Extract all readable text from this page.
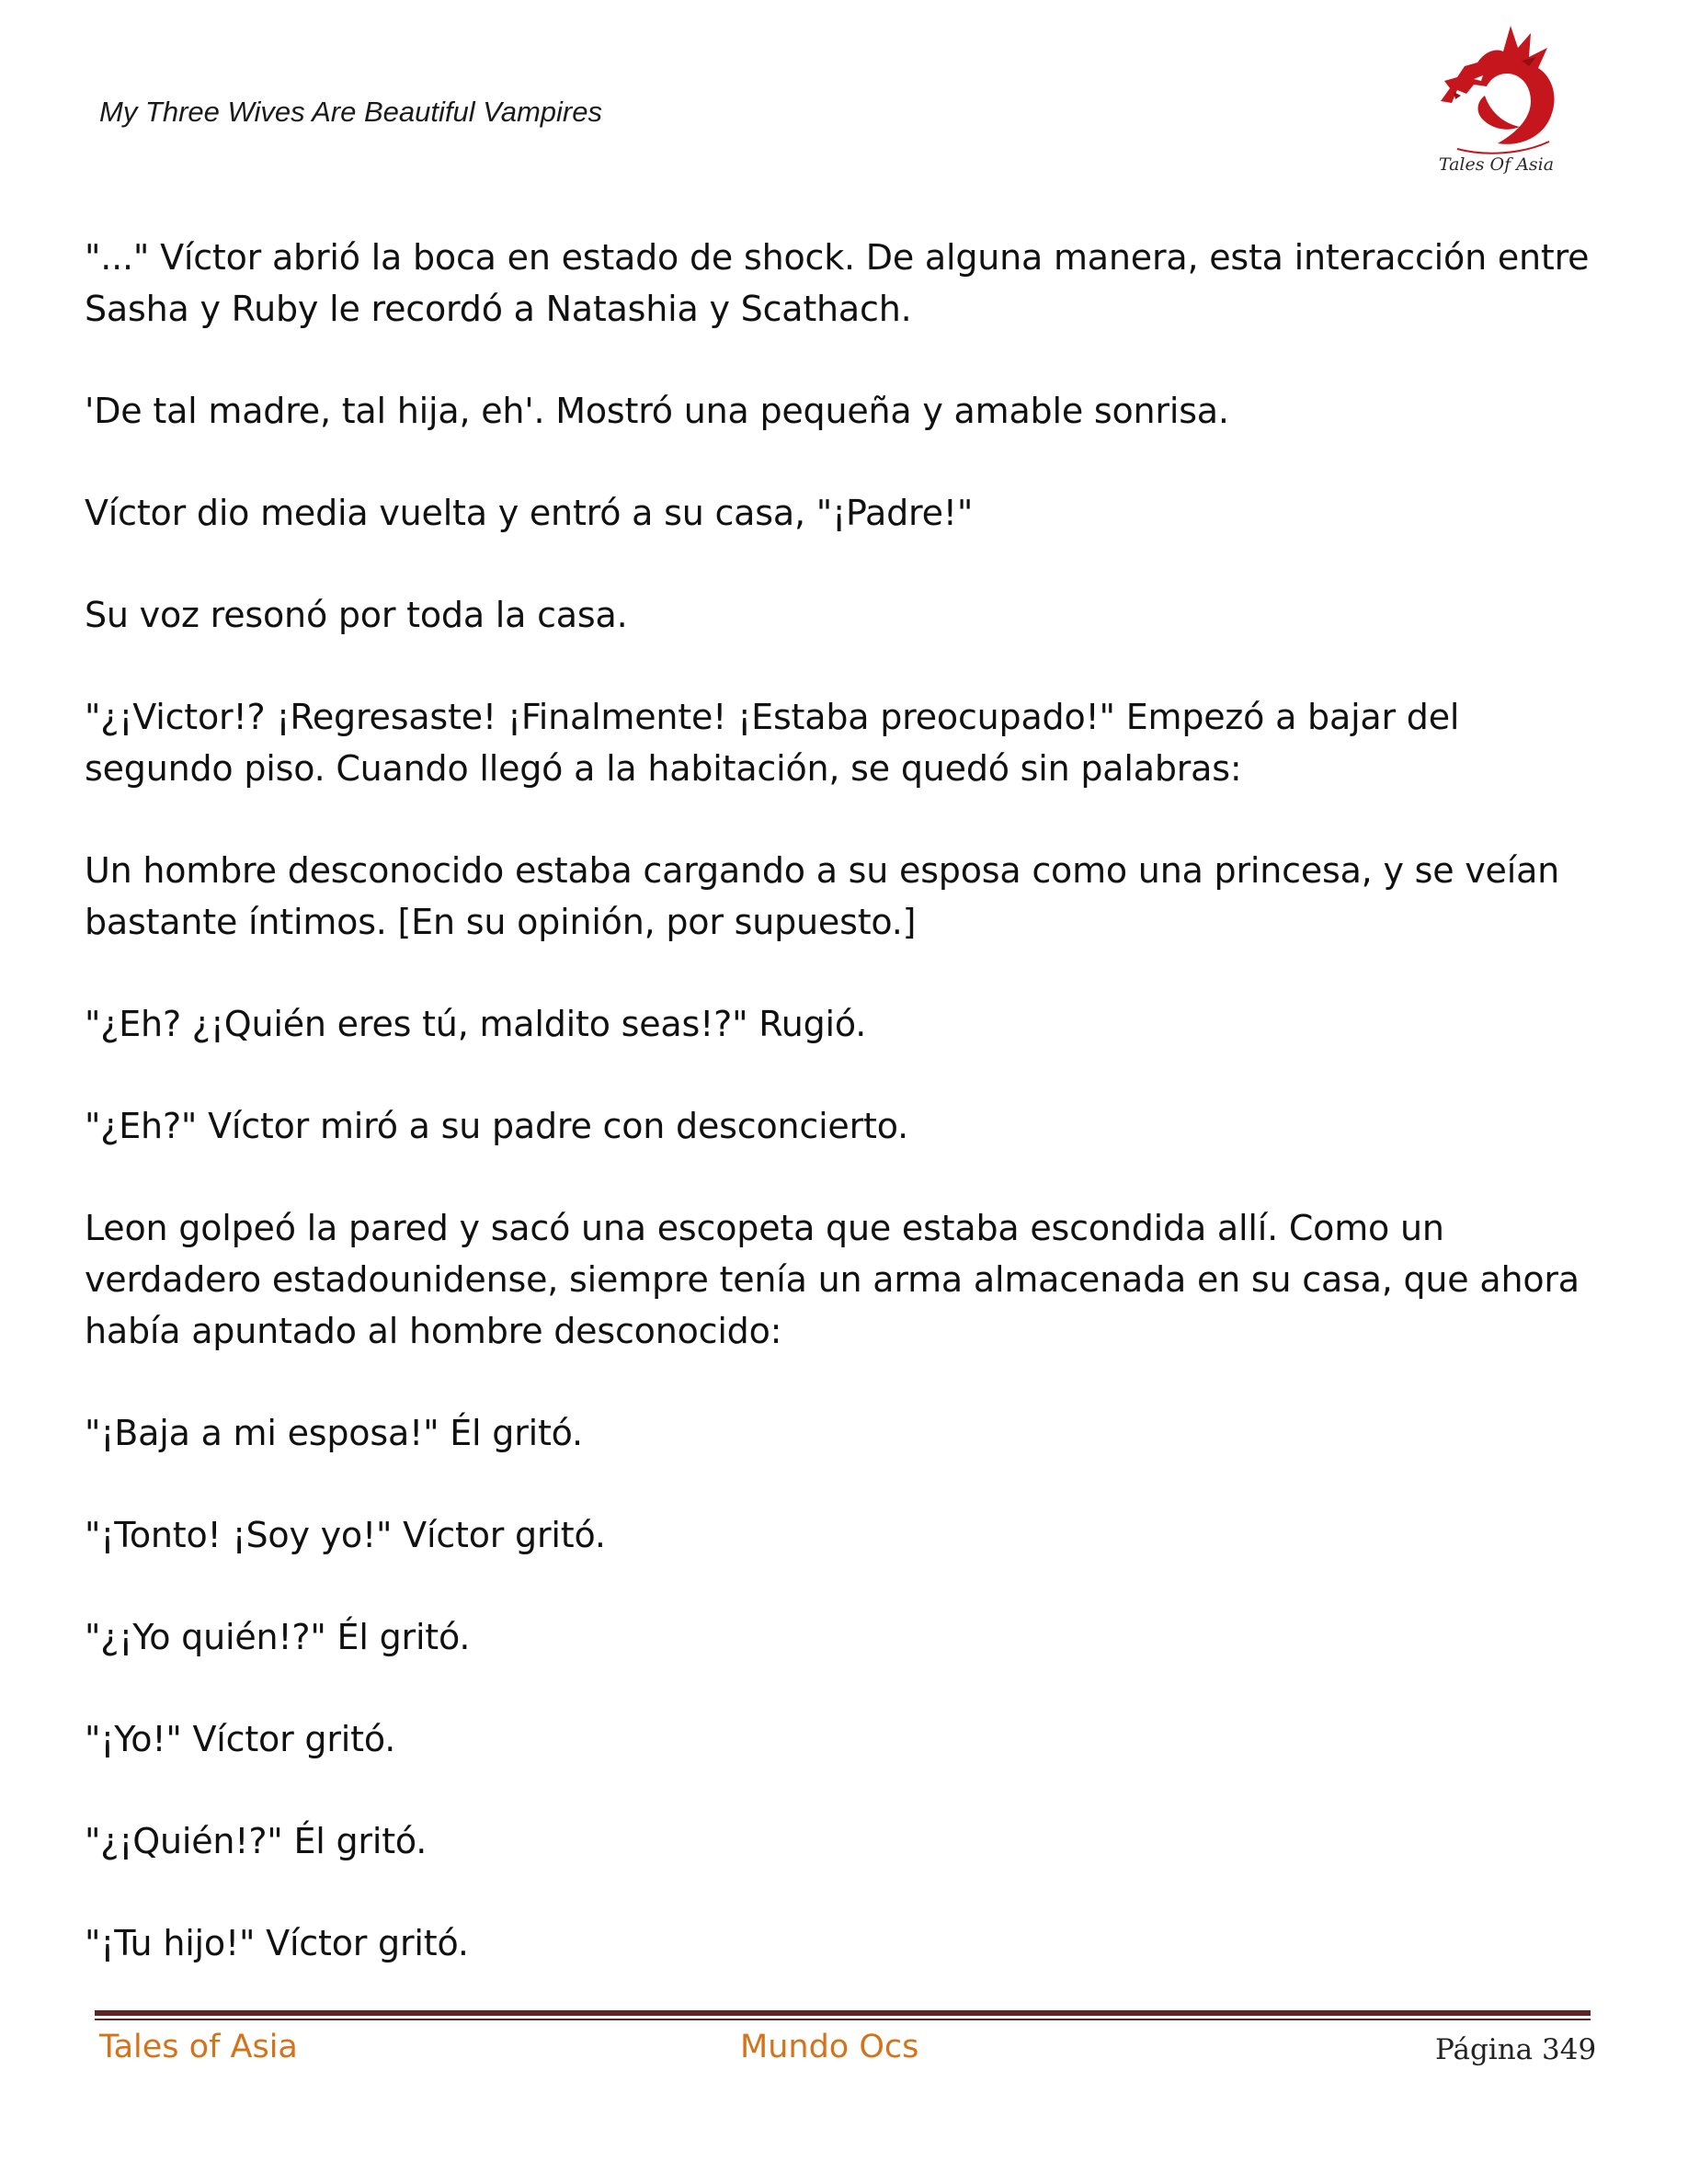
My Three Wives Are Beautiful Vampires
Tales Of Asia

"..." Víctor abrió la boca en estado de shock. De alguna manera, esta interacción entre Sasha y Ruby le recordó a Natashia y Scathach.

'De tal madre, tal hija, eh'. Mostró una pequeña y amable sonrisa.

Víctor dio media vuelta y entró a su casa, "¡Padre!"

Su voz resonó por toda la casa.

"¿¡Victor!? ¡Regresaste! ¡Finalmente! ¡Estaba preocupado!" Empezó a bajar del segundo piso. Cuando llegó a la habitación, se quedó sin palabras:

Un hombre desconocido estaba cargando a su esposa como una princesa, y se veían bastante íntimos. [En su opinión, por supuesto.]

"¿Eh? ¿¡Quién eres tú, maldito seas!?" Rugió.

"¿Eh?" Víctor miró a su padre con desconcierto.

Leon golpeó la pared y sacó una escopeta que estaba escondida allí. Como un verdadero estadounidense, siempre tenía un arma almacenada en su casa, que ahora había apuntado al hombre desconocido:

"¡Baja a mi esposa!" Él gritó.

"¡Tonto! ¡Soy yo!" Víctor gritó.

"¿¡Yo quién!?" Él gritó.

"¡Yo!" Víctor gritó.

"¿¡Quién!?" Él gritó.

"¡Tu hijo!" Víctor gritó.

Tales of Asia	Mundo Ocs	Página 349
